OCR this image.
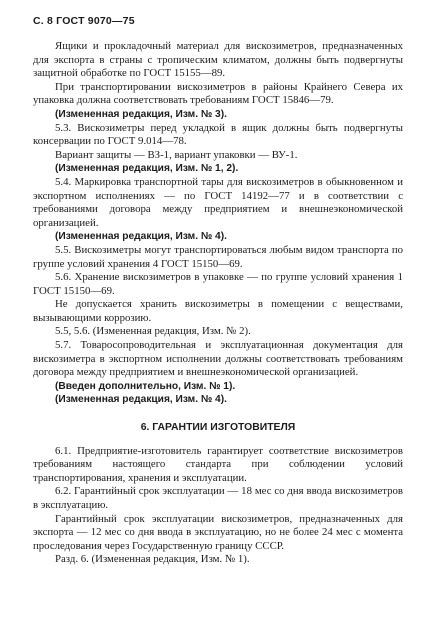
С. 8 ГОСТ 9070—75

Ящики и прокладочный материал для вискозиметров, предназначенных для экспорта в страны с тропическим климатом, должны быть подвергнуты защитной обработке по ГОСТ 15155—89.

При транспортировании вискозиметров в районы Крайнего Севера их упаковка должна соответствовать требованиям ГОСТ 15846—79.

(Измененная редакция, Изм. № 3).

5.3. Вискозиметры перед укладкой в ящик должны быть подвергнуты консервации по ГОСТ 9.014—78.

Вариант защиты — ВЗ-1, вариант упаковки — ВУ-1.

(Измененная редакция, Изм. № 1, 2).

5.4. Маркировка транспортной тары для вискозиметров в обыкновенном и экспортном исполнениях — по ГОСТ 14192—77 и в соответствии с требованиями договора между предприятием и внешнеэкономической организацией.

(Измененная редакция, Изм. № 4).

5.5. Вискозиметры могут транспортироваться любым видом транспорта по группе условий хранения 4 ГОСТ 15150—69.

5.6. Хранение вискозиметров в упаковке — по группе условий хранения 1 ГОСТ 15150—69.

Не допускается хранить вискозиметры в помещении с веществами, вызывающими коррозию.

5.5, 5.6. (Измененная редакция, Изм. № 2).

5.7. Товаросопроводительная и эксплуатационная документация для вискозиметра в экспортном исполнении должны соответствовать требованиям договора между предприятием и внешнеэкономической организацией.

(Введен дополнительно, Изм. № 1).

(Измененная редакция, Изм. № 4).

6. ГАРАНТИИ ИЗГОТОВИТЕЛЯ

6.1. Предприятие-изготовитель гарантирует соответствие вискозиметров требованиям настоящего стандарта при соблюдении условий транспортирования, хранения и эксплуатации.

6.2. Гарантийный срок эксплуатации — 18 мес со дня ввода вискозиметров в эксплуатацию.

Гарантийный срок эксплуатации вискозиметров, предназначенных для экспорта — 12 мес со дня ввода в эксплуатацию, но не более 24 мес с момента проследования через Государственную границу СССР.

Разд. 6. (Измененная редакция, Изм. № 1).
